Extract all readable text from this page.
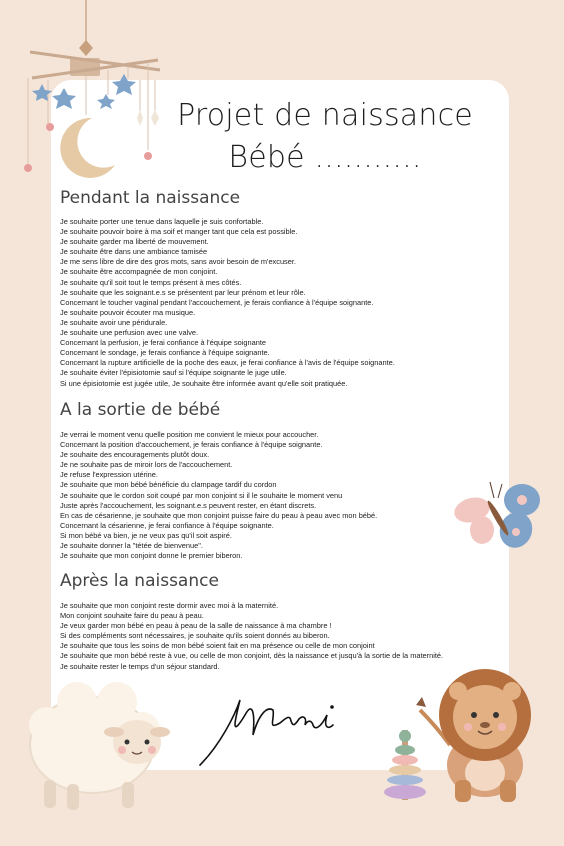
Projet de naissance
Bébé ...........
Pendant la naissance
Je souhaite porter une tenue dans laquelle je suis confortable.
Je souhaite pouvoir boire à ma soif et manger tant que cela est possible.
Je souhaite garder ma liberté de mouvement.
Je souhaite être dans une ambiance tamisée
Je me sens libre de dire des gros mots, sans avoir besoin de m'excuser.
Je souhaite être accompagnée de mon conjoint.
Je souhaite qu'il soit tout le temps présent à mes côtés.
Je souhaite que les soignant.e.s se présentent par leur prénom et leur rôle.
Concernant le toucher vaginal pendant l'accouchement, je ferais confiance à l'équipe soignante.
Je souhaite pouvoir écouter ma musique.
Je souhaite avoir une péridurale.
Je souhaite une perfusion avec une valve.
Concernant la perfusion, je ferai confiance à l'équipe soignante
Concernant le sondage, je ferais confiance à l'équipe soignante.
Concernant la rupture artificielle de la poche des eaux, je ferai confiance à l'avis de l'équipe soignante.
Je souhaite éviter l'épisiotomie sauf si l'équipe soignante le juge utile.
Si une épisiotomie est jugée utile, Je souhaite être informée avant qu'elle soit pratiquée.
A la sortie de bébé
Je verrai le moment venu quelle position me convient le mieux pour accoucher.
Concernant la position d'accouchement, je ferais confiance à l'équipe soignante.
Je souhaite des encouragements plutôt doux.
Je ne souhaite pas de miroir lors de l'accouchement.
Je refuse l'expression utérine.
Je souhaite que mon bébé bénéficie du clampage tardif du cordon
Je souhaite que le cordon soit coupé par mon conjoint si il le souhaite le moment venu
Juste après l'accouchement, les soignant.e.s peuvent rester, en étant discrets.
En cas de césarienne, je souhaite que mon conjoint puisse faire du peau à peau avec mon bébé.
Concernant la césarienne, je ferai confiance à l'équipe soignante.
Si mon bébé va bien, je ne veux pas qu'il soit aspiré.
Je souhaite donner la "tétée de bienvenue".
Je souhaite que mon conjoint donne le premier biberon.
Après la naissance
Je souhaite que mon conjoint reste dormir avec moi à la maternité.
Mon conjoint souhaite faire du peau à peau.
Je veux garder mon bébé en peau à peau de la salle de naissance à ma chambre !
Si des compléments sont nécessaires, je souhaite qu'ils soient donnés au biberon.
Je souhaite que tous les soins de mon bébé soient fait en ma présence ou celle de mon conjoint
Je souhaite que mon bébé reste à vue, ou celle de mon conjoint, dès la naissance et jusqu'à la sortie de la maternité.
Je souhaite rester le temps d'un séjour standard.
Merci
